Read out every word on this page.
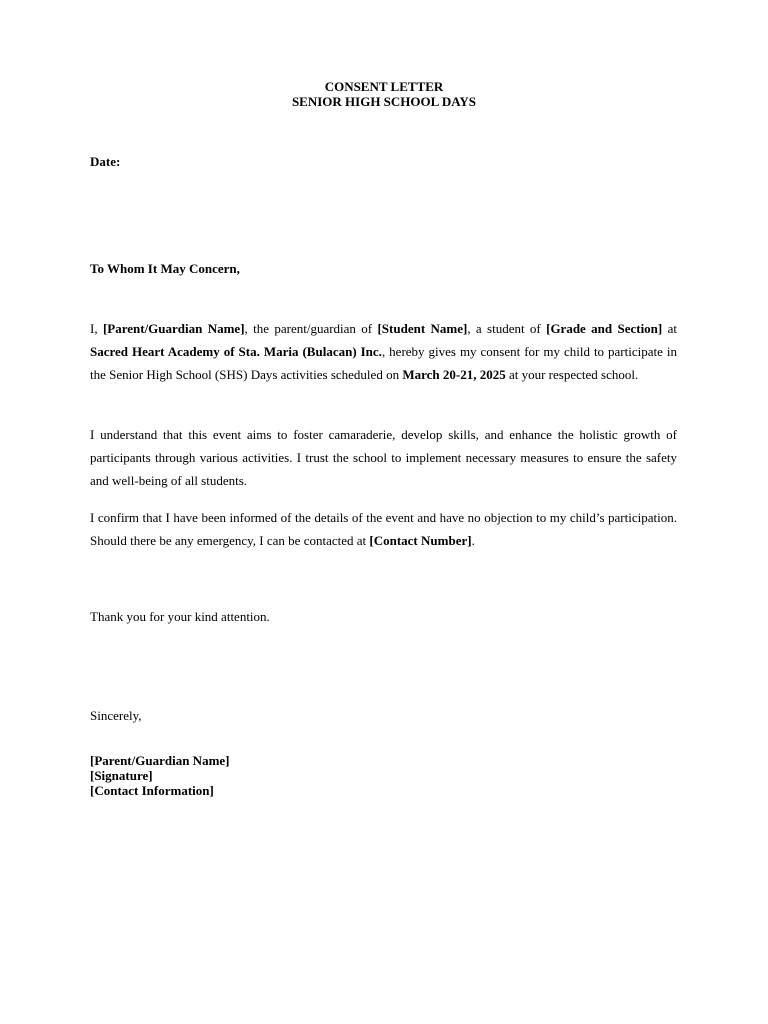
CONSENT LETTER
SENIOR HIGH SCHOOL DAYS
Date:
To Whom It May Concern,

I, [Parent/Guardian Name], the parent/guardian of [Student Name], a student of [Grade and Section] at Sacred Heart Academy of Sta. Maria (Bulacan) Inc., hereby gives my consent for my child to participate in the Senior High School (SHS) Days activities scheduled on March 20-21, 2025 at your respected school.

I understand that this event aims to foster camaraderie, develop skills, and enhance the holistic growth of participants through various activities. I trust the school to implement necessary measures to ensure the safety and well-being of all students.

I confirm that I have been informed of the details of the event and have no objection to my child’s participation. Should there be any emergency, I can be contacted at [Contact Number].

Thank you for your kind attention.
Sincerely,
[Parent/Guardian Name]
[Signature]
[Contact Information]
